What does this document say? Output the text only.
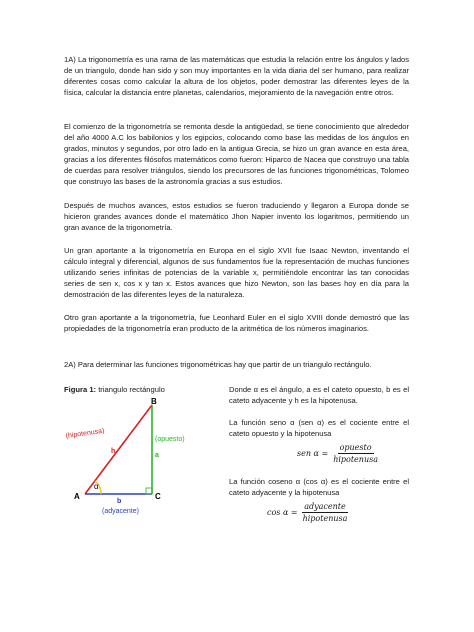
1A) La trigonometría es una rama de las matemáticas que estudia la relación entre los ángulos y lados de un triangulo, donde han sido y son muy importantes en la vida diaria del ser humano, para realizar diferentes cosas como calcular la altura de los objetos, poder demostrar las diferentes leyes de la física, calcular la distancia entre planetas, calendarios, mejoramiento de la navegación entre otros.

El comienzo de la trigonometría se remonta desde la antigüedad, se tiene conocimiento que alrededor del año 4000 A.C los babilonios y los egipcios, colocando como base las medidas de los ángulos en grados, minutos y segundos, por otro lado en la antigua Grecia, se hizo un gran avance en esta área, gracias a los diferentes filósofos matemáticos como fueron: Hiparco de Nacea que construyo una tabla de cuerdas para resolver triángulos, siendo los precursores de las funciones trigonométricas, Tolomeo que construyo las bases de la astronomía gracias a sus estudios.

Después de muchos avances, estos estudios se fueron traduciendo y llegaron a Europa donde se hicieron grandes avances donde el matemático Jhon Napier invento los logaritmos, permitiendo un gran avance de la trigonometría.

Un gran aportante a la trigonometría en Europa en el siglo XVII fue Isaac Newton, inventando el cálculo integral y diferencial, algunos de sus fundamentos fue la representación de muchas funciones utilizando series infinitas de potencias de la variable x, permitiéndole encontrar las tan conocidas series de sen x, cos x y tan x. Estos avances que hizo Newton, son las bases hoy en día para la demostración de las diferentes leyes de la naturaleza.

Otro gran aportante a la trigonometría, fue Leonhard Euler en el siglo XVIII donde demostró que las propiedades de la trigonometría eran producto de la aritmética de los números imaginarios.

2A) Para determinar las funciones trigonométricas hay que partir de un triangulo rectángulo.

Figura 1: triangulo rectángulo
B
A	C
(hipotenusa)	(opuesto)
(adyacente)
h
a
b
α

Donde α es el ángulo, a es el cateto opuesto, b es el cateto adyacente y h es la hipotenusa.

La función seno α (sen α) es el cociente entre el cateto opuesto y la hipotenusa

sen $\alpha = \frac{\text{opuesto}}{\text{hipotenusa}}$

La función coseno α (cos α) es el cociente entre el cateto adyacente y la hipotenusa

$\cos \alpha = \frac{\text{adyacente}}{\text{hipotenusa}}$
